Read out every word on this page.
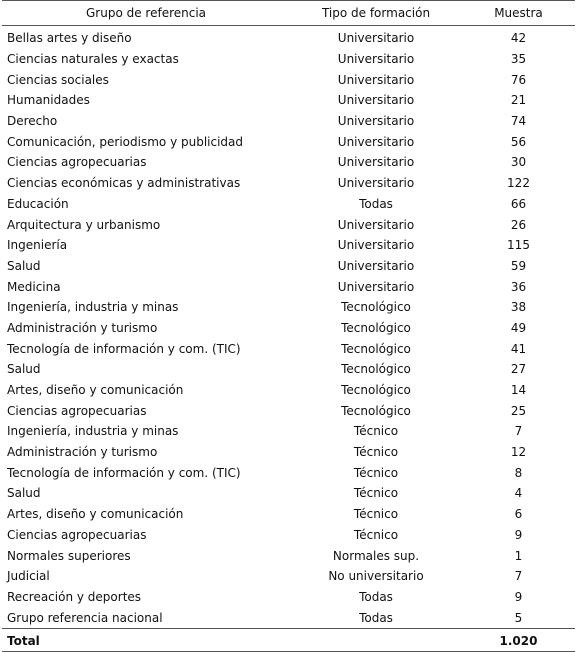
Grupo de referencia	Tipo de formación	Muestra
Bellas artes y diseño	Universitario	42
Ciencias naturales y exactas	Universitario	35
Ciencias sociales	Universitario	76
Humanidades	Universitario	21
Derecho	Universitario	74
Comunicación, periodismo y publicidad	Universitario	56
Ciencias agropecuarias	Universitario	30
Ciencias económicas y administrativas	Universitario	122
Educación	Todas	66
Arquitectura y urbanismo	Universitario	26
Ingeniería	Universitario	115
Salud	Universitario	59
Medicina	Universitario	36
Ingeniería, industria y minas	Tecnológico	38
Administración y turismo	Tecnológico	49
Tecnología de información y com. (TIC)	Tecnológico	41
Salud	Tecnológico	27
Artes, diseño y comunicación	Tecnológico	14
Ciencias agropecuarias	Tecnológico	25
Ingeniería, industria y minas	Técnico	7
Administración y turismo	Técnico	12
Tecnología de información y com. (TIC)	Técnico	8
Salud	Técnico	4
Artes, diseño y comunicación	Técnico	6
Ciencias agropecuarias	Técnico	9
Normales superiores	Normales sup.	1
Judicial	No universitario	7
Recreación y deportes	Todas	9
Grupo referencia nacional	Todas	5
Total		1.020
